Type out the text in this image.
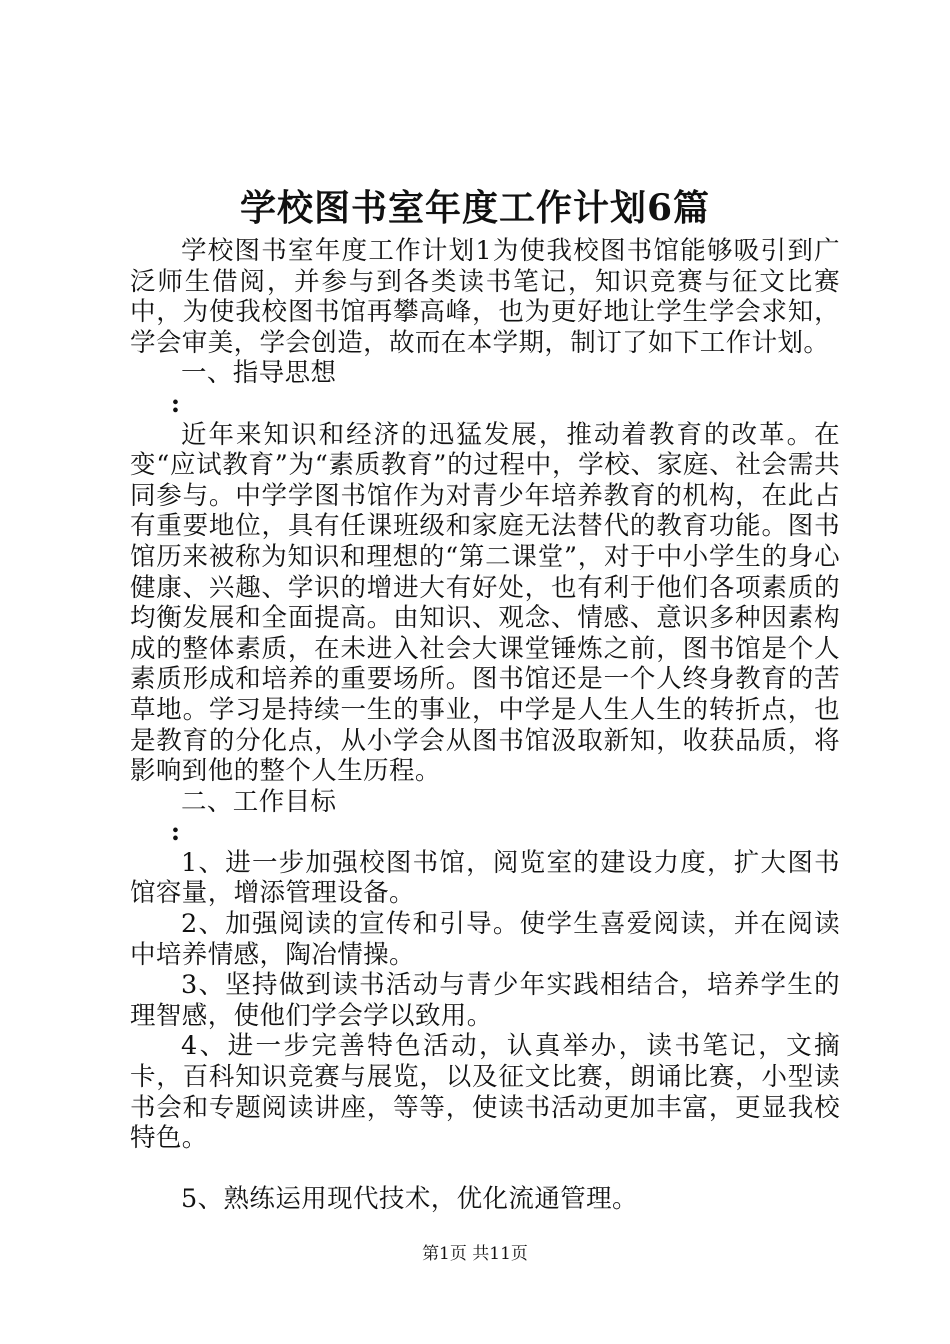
学校图书室年度工作计划6篇

学校图书室年度工作计划1为使我校图书馆能够吸引到广泛师生借阅，并参与到各类读书笔记，知识竞赛与征文比赛中，为使我校图书馆再攀高峰，也为更好地让学生学会求知，学会审美，学会创造，故而在本学期，制订了如下工作计划。

一、指导思想

:

近年来知识和经济的迅猛发展，推动着教育的改革。在变“应试教育”为“素质教育”的过程中，学校、家庭、社会需共同参与。中学学图书馆作为对青少年培养教育的机构，在此占有重要地位，具有任课班级和家庭无法替代的教育功能。图书馆历来被称为知识和理想的“第二课堂”，对于中小学生的身心健康、兴趣、学识的增进大有好处，也有利于他们各项素质的均衡发展和全面提高。由知识、观念、情感、意识多种因素构成的整体素质，在未进入社会大课堂锤炼之前，图书馆是个人素质形成和培养的重要场所。图书馆还是一个人终身教育的苦草地。学习是持续一生的事业，中学是人生人生的转折点，也是教育的分化点，从小学会从图书馆汲取新知，收获品质，将影响到他的整个人生历程。

二、工作目标

:

1、进一步加强校图书馆，阅览室的建设力度，扩大图书馆容量，增添管理设备。

2、加强阅读的宣传和引导。使学生喜爱阅读，并在阅读中培养情感，陶冶情操。

3、坚持做到读书活动与青少年实践相结合，培养学生的理智感，使他们学会学以致用。

4、进一步完善特色活动，认真举办，读书笔记，文摘卡，百科知识竞赛与展览，以及征文比赛，朗诵比赛，小型读书会和专题阅读讲座，等等，使读书活动更加丰富，更显我校特色。

5、熟练运用现代技术，优化流通管理。

第1页 共11页
